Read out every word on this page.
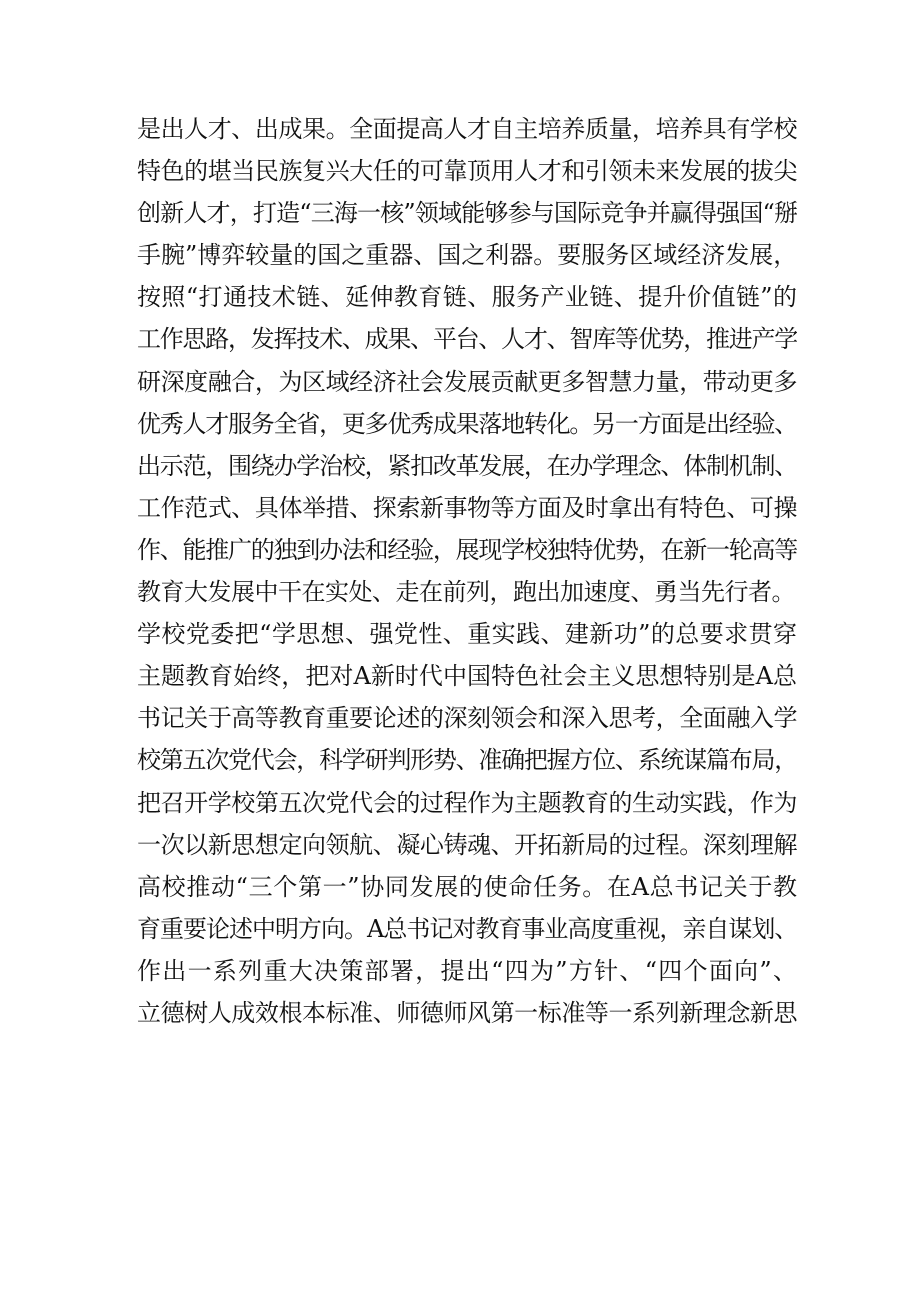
是出人才、出成果。全面提高人才自主培养质量，培养具有学校
特色的堪当民族复兴大任的可靠顶用人才和引领未来发展的拔尖
创新人才，打造“三海一核”领域能够参与国际竞争并赢得强国“掰
手腕”博弈较量的国之重器、国之利器。要服务区域经济发展，
按照“打通技术链、延伸教育链、服务产业链、提升价值链”的
工作思路，发挥技术、成果、平台、人才、智库等优势，推进产学
研深度融合，为区域经济社会发展贡献更多智慧力量，带动更多
优秀人才服务全省，更多优秀成果落地转化。另一方面是出经验、
出示范，围绕办学治校，紧扣改革发展，在办学理念、体制机制、
工作范式、具体举措、探索新事物等方面及时拿出有特色、可操
作、能推广的独到办法和经验，展现学校独特优势，在新一轮高等
教育大发展中干在实处、走在前列，跑出加速度、勇当先行者。
学校党委把“学思想、强党性、重实践、建新功”的总要求贯穿
主题教育始终，把对A新时代中国特色社会主义思想特别是A总
书记关于高等教育重要论述的深刻领会和深入思考，全面融入学
校第五次党代会，科学研判形势、准确把握方位、系统谋篇布局，
把召开学校第五次党代会的过程作为主题教育的生动实践，作为
一次以新思想定向领航、凝心铸魂、开拓新局的过程。深刻理解
高校推动“三个第一”协同发展的使命任务。在A总书记关于教
育重要论述中明方向。A总书记对教育事业高度重视，亲自谋划、
作出一系列重大决策部署，提出“四为”方针、“四个面向”、
立德树人成效根本标准、师德师风第一标准等一系列新理念新思
